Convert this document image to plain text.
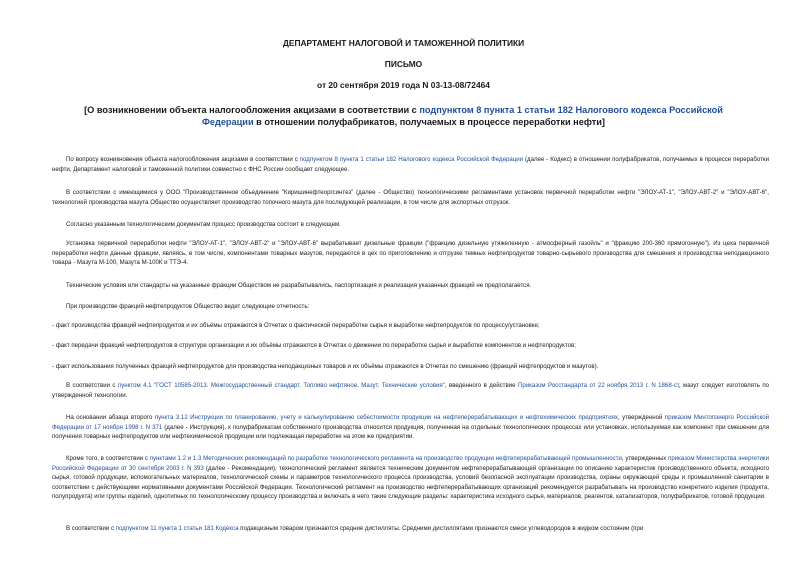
ДЕПАРТАМЕНТ НАЛОГОВОЙ И ТАМОЖЕННОЙ ПОЛИТИКИ
ПИСЬМО
от 20 сентября 2019 года N 03-13-08/72464
[О возникновении объекта налогообложения акцизами в соответствии с подпунктом 8 пункта 1 статьи 182 Налогового кодекса Российской Федерации в отношении полуфабрикатов, получаемых в процессе переработки нефти]

По вопросу возникновения объекта налогообложения акцизами в соответствии с подпунктом 8 пункта 1 статьи 182 Налогового кодекса Российской Федерации (далее - Кодекс) в отношении полуфабрикатов, получаемых в процессе переработки нефти, Департамент налоговой и таможенной политики совместно с ФНС России сообщает следующее.

В соответствии с имеющимися у ООО "Производственное объединение "Киришинефтеоргсинтез" (далее - Общество) технологическими регламентами установок первичной переработки нефти "ЭЛОУ-АТ-1", "ЭЛОУ-АВТ-2" и "ЭЛОУ-АВТ-6", технологией производства мазута Общество осуществляет производство топочного мазута для последующей реализации, в том числе для экспортных отгрузок.

Согласно указанным технологическим документам процесс производства состоит в следующем.

Установка первичной переработки нефти "ЭЛОУ-АТ-1", "ЭЛОУ-АВТ-2" и "ЭЛОУ-АВТ-6" вырабатывает дизельные фракции ("фракцию дизельную утяжеленную - атмосферный газойль" и "фракцию 200-360 прямогонную"). Из цеха первичной переработки нефти данные фракции, являясь, в том числе, компонентами товарных мазутов, передаются в цех по приготовлению и отгрузке темных нефтепродуктов товарно-сырьевого производства для смешения и производства неподакцизного товара - Мазута М-100, Мазута М-100К и ТТЭ-4.

Технические условия или стандарты на указанные фракции Обществом не разрабатывались, паспортизация и реализация указанных фракций не предполагается.

При производстве фракций нефтепродуктов Общество ведет следующие отчетность:

- факт производства фракций нефтепродуктов и их объёмы отражаются в Отчетах о фактической переработке сырья и выработке нефтепродуктов по процессу/установке;

- факт передачи фракций нефтепродуктов в структуре организации и их объёмы отражаются в Отчетах о движении по переработке сырья и выработке компонентов и нефтепродуктов;

- факт использования полученных фракций нефтепродуктов для производства неподакцизных товаров и их объёмы отражаются в Отчетах по смешению (фракций нефтепродуктов и мазутов).

В соответствии с пунктом 4.1 "ГОСТ 10585-2013. Межгосударственный стандарт. Топливо нефтяное. Мазут. Технические условия", введенного в действие Приказом Росстандарта от 22 ноября 2013 г. N 1868-ст, мазут следует изготовлять по утвержденной технологии.

На основании абзаца второго пункта 3.12 Инструкции по планированию, учету и калькулированию себестоимости продукции на нефтеперерабатывающих и нефтехимических предприятиях, утвержденной приказом Минтопэнерго Российской Федерации от 17 ноября 1998 г. N 371 (далее - Инструкция), к полуфабрикатам собственного производства относится продукция, полученная на отдельных технологических процессах или установках, используемая как компонент при смешении для получения товарных нефтепродуктов или нефтехимической продукции или подлежащая переработке на этом же предприятии.

Кроме того, в соответствии с пунктами 1.2 и 1.3 Методических рекомендаций по разработке технологического регламента на производство продукции нефтеперерабатывающей промышленности, утвержденных приказом Министерства энергетики Российской Федерации от 30 сентября 2003 г. N 393 (далее - Рекомендации), технологический регламент является техническим документом нефтеперерабатывающей организации по описанию характеристик производственного объекта, исходного сырья, готовой продукции, вспомогательных материалов, технологической схемы и параметров технологического процесса производства, условий безопасной эксплуатации производства, охраны окружающей среды и промышленной санитарии в соответствии с действующими нормативными документами Российской Федерации. Технологический регламент на производство нефтеперерабатывающих организаций рекомендуется разрабатывать на производство конкретного изделия (продукта, полупродукта) или группы изделий, однотипных по технологическому процессу производства и включать в него такие следующие разделы: характеристика исходного сырья, материалов, реагентов, катализаторов, полуфабрикатов, готовой продукции.

В соответствии с подпунктом 11 пункта 1 статьи 181 Кодекса подакцизным товаром признаются средние дистилляты. Средними дистиллятами признаются смеси углеводородов в жидком состоянии (при
